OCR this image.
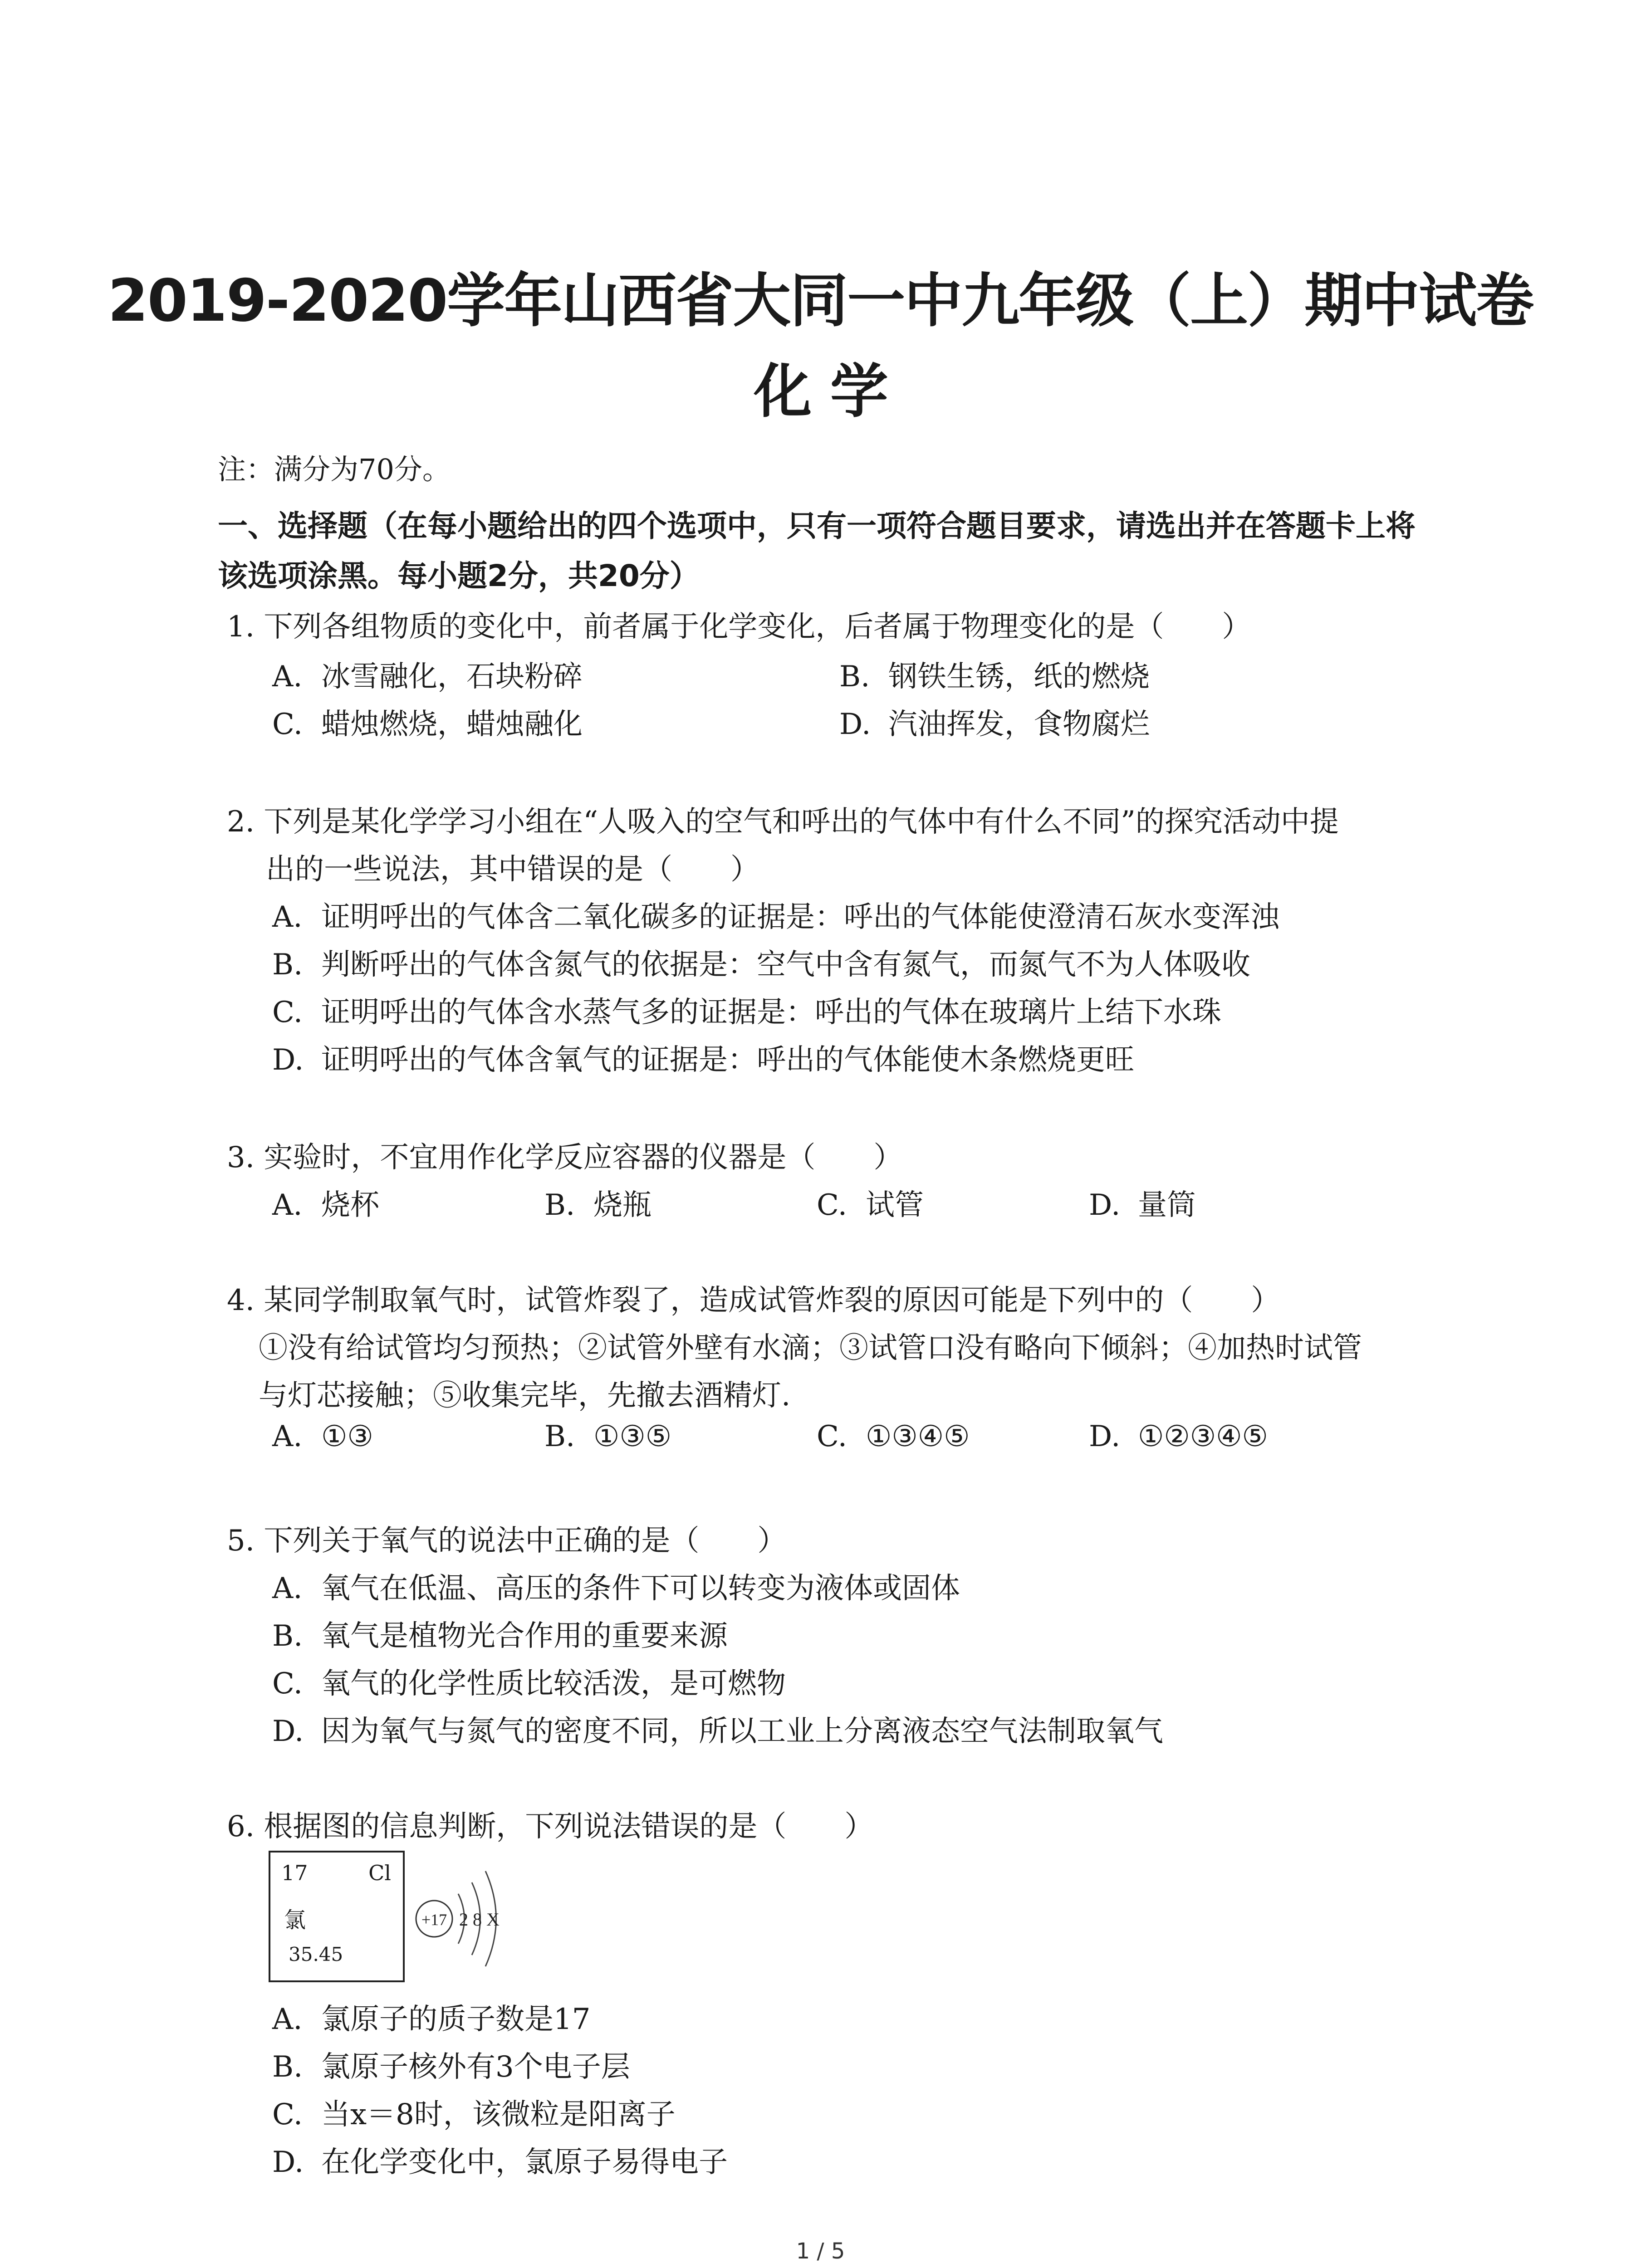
2019-2020学年山西省大同一中九年级（上）期中试卷
化 学
注：满分为70分。
一、选择题（在每小题给出的四个选项中，只有一项符合题目要求，请选出并在答题卡上将
该选项涂黑。每小题2分，共20分）
1. 下列各组物质的变化中，前者属于化学变化，后者属于物理变化的是（　　）
A. 冰雪融化，石块粉碎	B. 钢铁生锈，纸的燃烧
C. 蜡烛燃烧，蜡烛融化	D. 汽油挥发，食物腐烂
2. 下列是某化学学习小组在“人吸入的空气和呼出的气体中有什么不同”的探究活动中提
出的一些说法，其中错误的是（　　）
A. 证明呼出的气体含二氧化碳多的证据是：呼出的气体能使澄清石灰水变浑浊
B. 判断呼出的气体含氮气的依据是：空气中含有氮气，而氮气不为人体吸收
C. 证明呼出的气体含水蒸气多的证据是：呼出的气体在玻璃片上结下水珠
D. 证明呼出的气体含氧气的证据是：呼出的气体能使木条燃烧更旺
3. 实验时，不宜用作化学反应容器的仪器是（　　）
A. 烧杯	B. 烧瓶	C. 试管	D. 量筒
4. 某同学制取氧气时，试管炸裂了，造成试管炸裂的原因可能是下列中的（　　）
①没有给试管均匀预热；②试管外壁有水滴；③试管口没有略向下倾斜；④加热时试管
与灯芯接触；⑤收集完毕，先撤去酒精灯.
A. ①③	B. ①③⑤	C. ①③④⑤	D. ①②③④⑤
5. 下列关于氧气的说法中正确的是（　　）
A. 氧气在低温、高压的条件下可以转变为液体或固体
B. 氧气是植物光合作用的重要来源
C. 氧气的化学性质比较活泼，是可燃物
D. 因为氧气与氮气的密度不同，所以工业上分离液态空气法制取氧气
6. 根据图的信息判断，下列说法错误的是（　　）
17	Cl
氯
35.45
+17 2 8 X
A. 氯原子的质子数是17
B. 氯原子核外有3个电子层
C. 当x＝8时，该微粒是阳离子
D. 在化学变化中，氯原子易得电子
1 / 5
